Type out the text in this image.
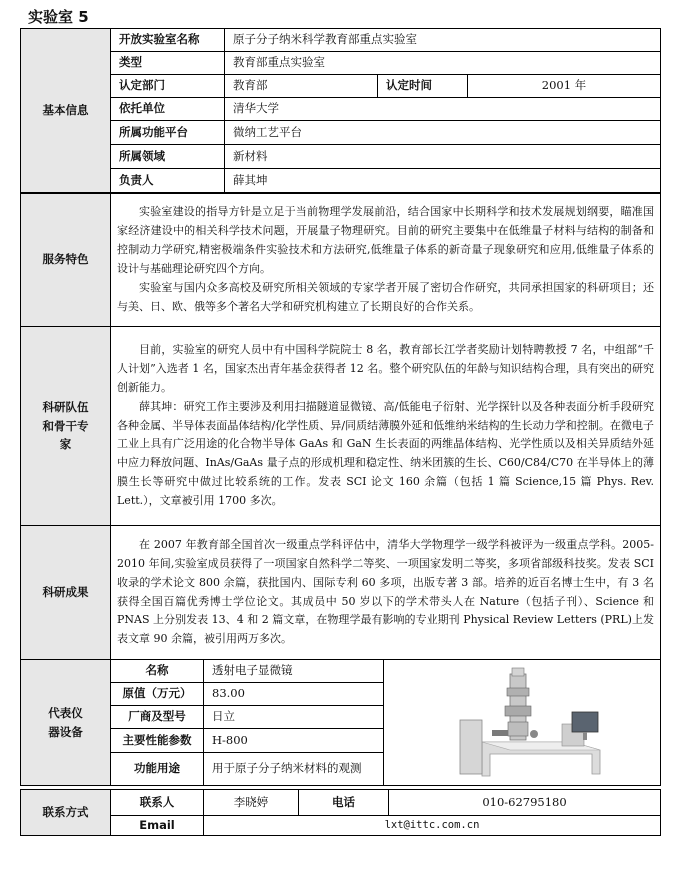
实验室 5
基本信息	开放实验室名称	原子分子纳米科学教育部重点实验室		
	类型	教育部重点实验室		
	认定部门	教育部	认定时间	2001 年
	依托单位	清华大学		
	所属功能平台	微纳工艺平台		
	所属领域	新材料		
	负责人	薛其坤		
服务特色	

实验室建设的指导方针是立足于当前物理学发展前沿，结合国家中长期科学和技术发展规划纲要，瞄准国家经济建设中的相关科学技术问题，开展量子物理研究。目前的研究主要集中在低维量子材料与结构的制备和控制动力学研究,精密极端条件实验技术和方法研究,低维量子体系的新奇量子现象研究和应用,低维量子体系的设计与基础理论研究四个方向。

实验室与国内众多高校及研究所相关领域的专家学者开展了密切合作研究，共同承担国家的科研项目；还与美、日、欧、俄等多个著名大学和研究机构建立了长期良好的合作关系。

科研队伍和骨干专家	

目前，实验室的研究人员中有中国科学院院士 8 名，教育部长江学者奖励计划特聘教授 7 名，中组部“千人计划”入选者 1 名，国家杰出青年基金获得者 12 名。整个研究队伍的年龄与知识结构合理，具有突出的研究创新能力。

薛其坤：研究工作主要涉及利用扫描隧道显微镜、高/低能电子衍射、光学探针以及各种表面分析手段研究各种金属、半导体表面晶体结构/化学性质、异/同质结薄膜外延和低维纳米结构的生长动力学和控制。在微电子工业上具有广泛用途的化合物半导体 GaAs 和 GaN 生长表面的两维晶体结构、光学性质以及相关异质结外延中应力释放问题、InAs/GaAs 量子点的形成机理和稳定性、纳米团簇的生长、C60/C84/C70 在半导体上的薄膜生长等研究中做过比较系统的工作。发表 SCI 论文 160 余篇（包括 1 篇 Science,15 篇 Phys. Rev. Lett.），文章被引用 1700 多次。

科研成果	

在 2007 年教育部全国首次一级重点学科评估中，清华大学物理学一级学科被评为一级重点学科。2005-2010 年间,实验室成员获得了一项国家自然科学二等奖、一项国家发明二等奖，多项省部级科技奖。发表 SCI 收录的学术论文 800 余篇，获批国内、国际专利 60 多项，出版专著 3 部。培养的近百名博士生中，有 3 名获得全国百篇优秀博士学位论文。其成员中 50 岁以下的学术带头人在 Nature（包括子刊）、Science 和 PNAS 上分别发表 13、4 和 2 篇文章，在物理学最有影响的专业期刊 Physical Review Letters (PRL)上发表文章 90 余篇，被引用两万多次。

代表仪器设备	名称	透射电子显微镜	

	原值（万元）	83.00	
	厂商及型号	日立	
	主要性能参数	H-800	
	功能用途	用于原子分子纳米材料的观测	
联系方式	联系人	李晓婷	电话	010-62795180
	Email	lxt@ittc.com.cn		
